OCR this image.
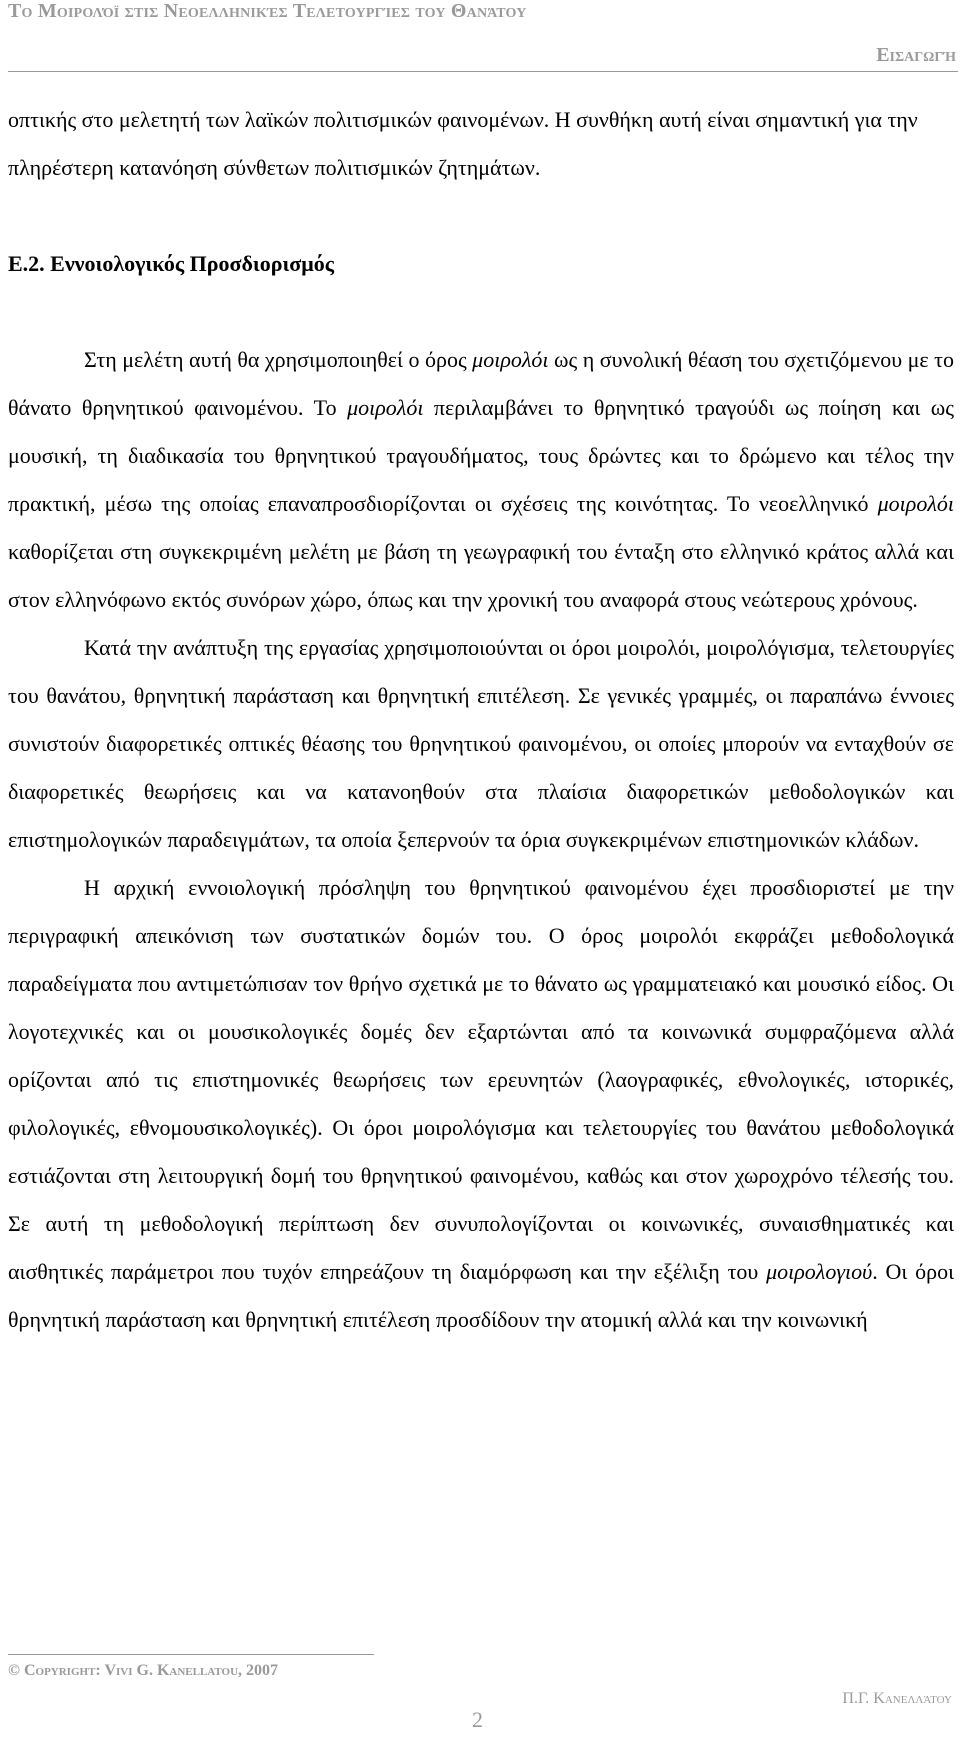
Το Μοιρολόϊ στις Νεοελληνικές Τελετουργίες του Θανάτου
Εισαγωγή

οπτικής στο μελετητή των λαϊκών πολιτισμικών φαινομένων. Η συνθήκη αυτή είναι σημαντική για την πληρέστερη κατανόηση σύνθετων πολιτισμικών ζητημάτων.

Ε.2. Εννοιολογικός Προσδιορισμός

Στη μελέτη αυτή θα χρησιμοποιηθεί ο όρος μοιρολόι ως η συνολική θέαση του σχετιζόμενου με το θάνατο θρηνητικού φαινομένου. Το μοιρολόι περιλαμβάνει το θρηνητικό τραγούδι ως ποίηση και ως μουσική, τη διαδικασία του θρηνητικού τραγουδήματος, τους δρώντες και το δρώμενο και τέλος την πρακτική, μέσω της οποίας επαναπροσδιορίζονται οι σχέσεις της κοινότητας. Το νεοελληνικό μοιρολόι καθορίζεται στη συγκεκριμένη μελέτη με βάση τη γεωγραφική του ένταξη στο ελληνικό κράτος αλλά και στον ελληνόφωνο εκτός συνόρων χώρο, όπως και την χρονική του αναφορά στους νεώτερους χρόνους.

Κατά την ανάπτυξη της εργασίας χρησιμοποιούνται οι όροι μοιρολόι, μοιρολόγισμα, τελετουργίες του θανάτου, θρηνητική παράσταση και θρηνητική επιτέλεση. Σε γενικές γραμμές, οι παραπάνω έννοιες συνιστούν διαφορετικές οπτικές θέασης του θρηνητικού φαινομένου, οι οποίες μπορούν να ενταχθούν σε διαφορετικές θεωρήσεις και να κατανοηθούν στα πλαίσια διαφορετικών μεθοδολογικών και επιστημολογικών παραδειγμάτων, τα οποία ξεπερνούν τα όρια συγκεκριμένων επιστημονικών κλάδων.

Η αρχική εννοιολογική πρόσληψη του θρηνητικού φαινομένου έχει προσδιοριστεί με την περιγραφική απεικόνιση των συστατικών δομών του. Ο όρος μοιρολόι εκφράζει μεθοδολογικά παραδείγματα που αντιμετώπισαν τον θρήνο σχετικά με το θάνατο ως γραμματειακό και μουσικό είδος. Οι λογοτεχνικές και οι μουσικολογικές δομές δεν εξαρτώνται από τα κοινωνικά συμφραζόμενα αλλά ορίζονται από τις επιστημονικές θεωρήσεις των ερευνητών (λαογραφικές, εθνολογικές, ιστορικές, φιλολογικές, εθνομουσικολογικές). Οι όροι μοιρολόγισμα και τελετουργίες του θανάτου μεθοδολογικά εστιάζονται στη λειτουργική δομή του θρηνητικού φαινομένου, καθώς και στον χωροχρόνο τέλεσής του. Σε αυτή τη μεθοδολογική περίπτωση δεν συνυπολογίζονται οι κοινωνικές, συναισθηματικές και αισθητικές παράμετροι που τυχόν επηρεάζουν τη διαμόρφωση και την εξέλιξη του μοιρολογιού. Οι όροι θρηνητική παράσταση και θρηνητική επιτέλεση προσδίδουν την ατομική αλλά και την κοινωνική

© Copyright: Vivi G. Kanellatou, 2007
Π.Γ. Κανελλάτου
2
